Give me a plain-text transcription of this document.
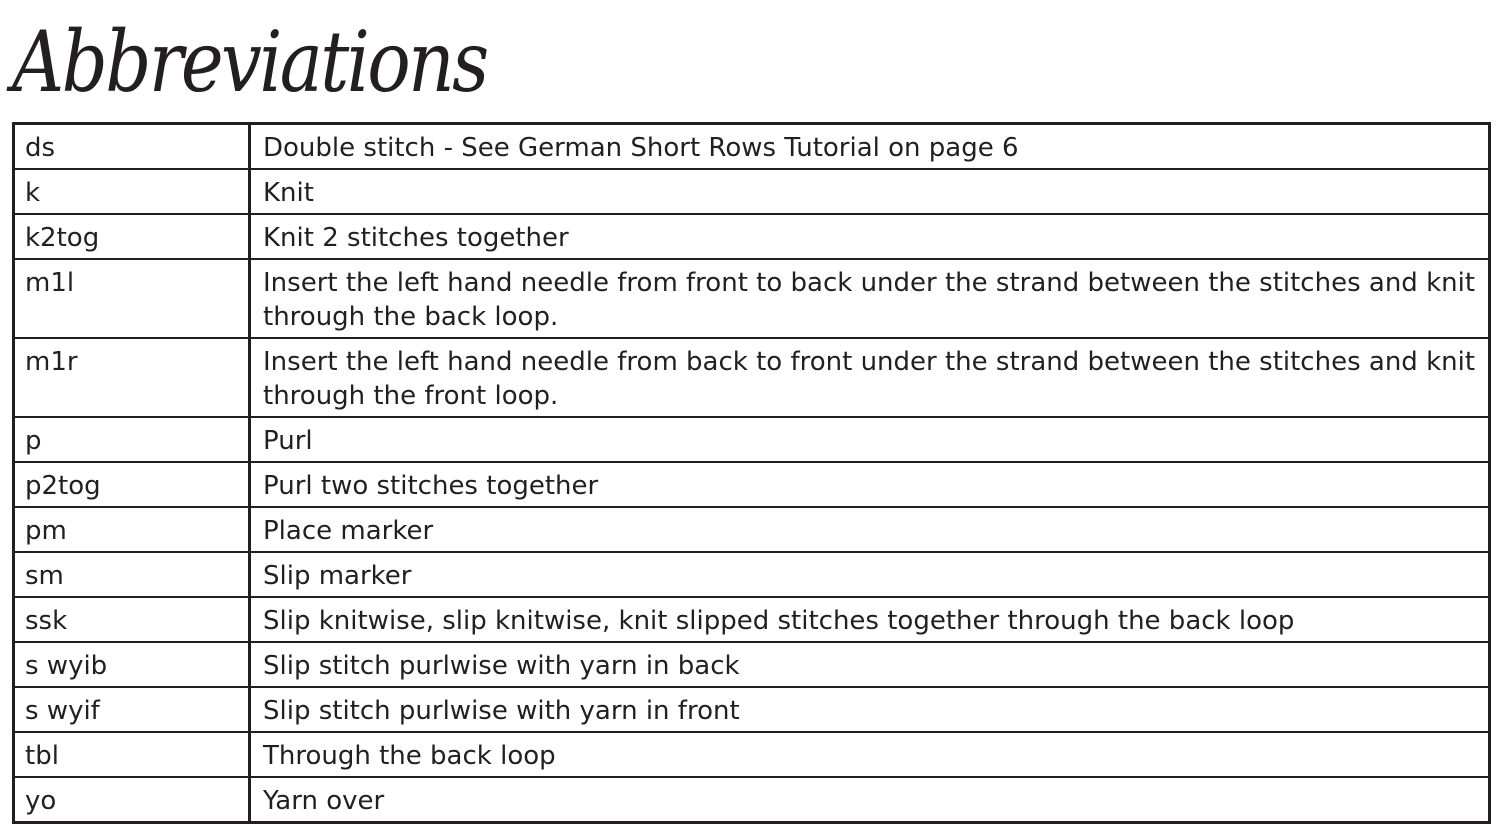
Abbreviations
ds	Double stitch - See German Short Rows Tutorial on page 6
k	Knit
k2tog	Knit 2 stitches together
m1l	Insert the left hand needle from front to back under the strand between the stitches and knit through the back loop.
m1r	Insert the left hand needle from back to front under the strand between the stitches and knit through the front loop.
p	Purl
p2tog	Purl two stitches together
pm	Place marker
sm	Slip marker
ssk	Slip knitwise, slip knitwise, knit slipped stitches together through the back loop
s wyib	Slip stitch purlwise with yarn in back
s wyif	Slip stitch purlwise with yarn in front
tbl	Through the back loop
yo	Yarn over
